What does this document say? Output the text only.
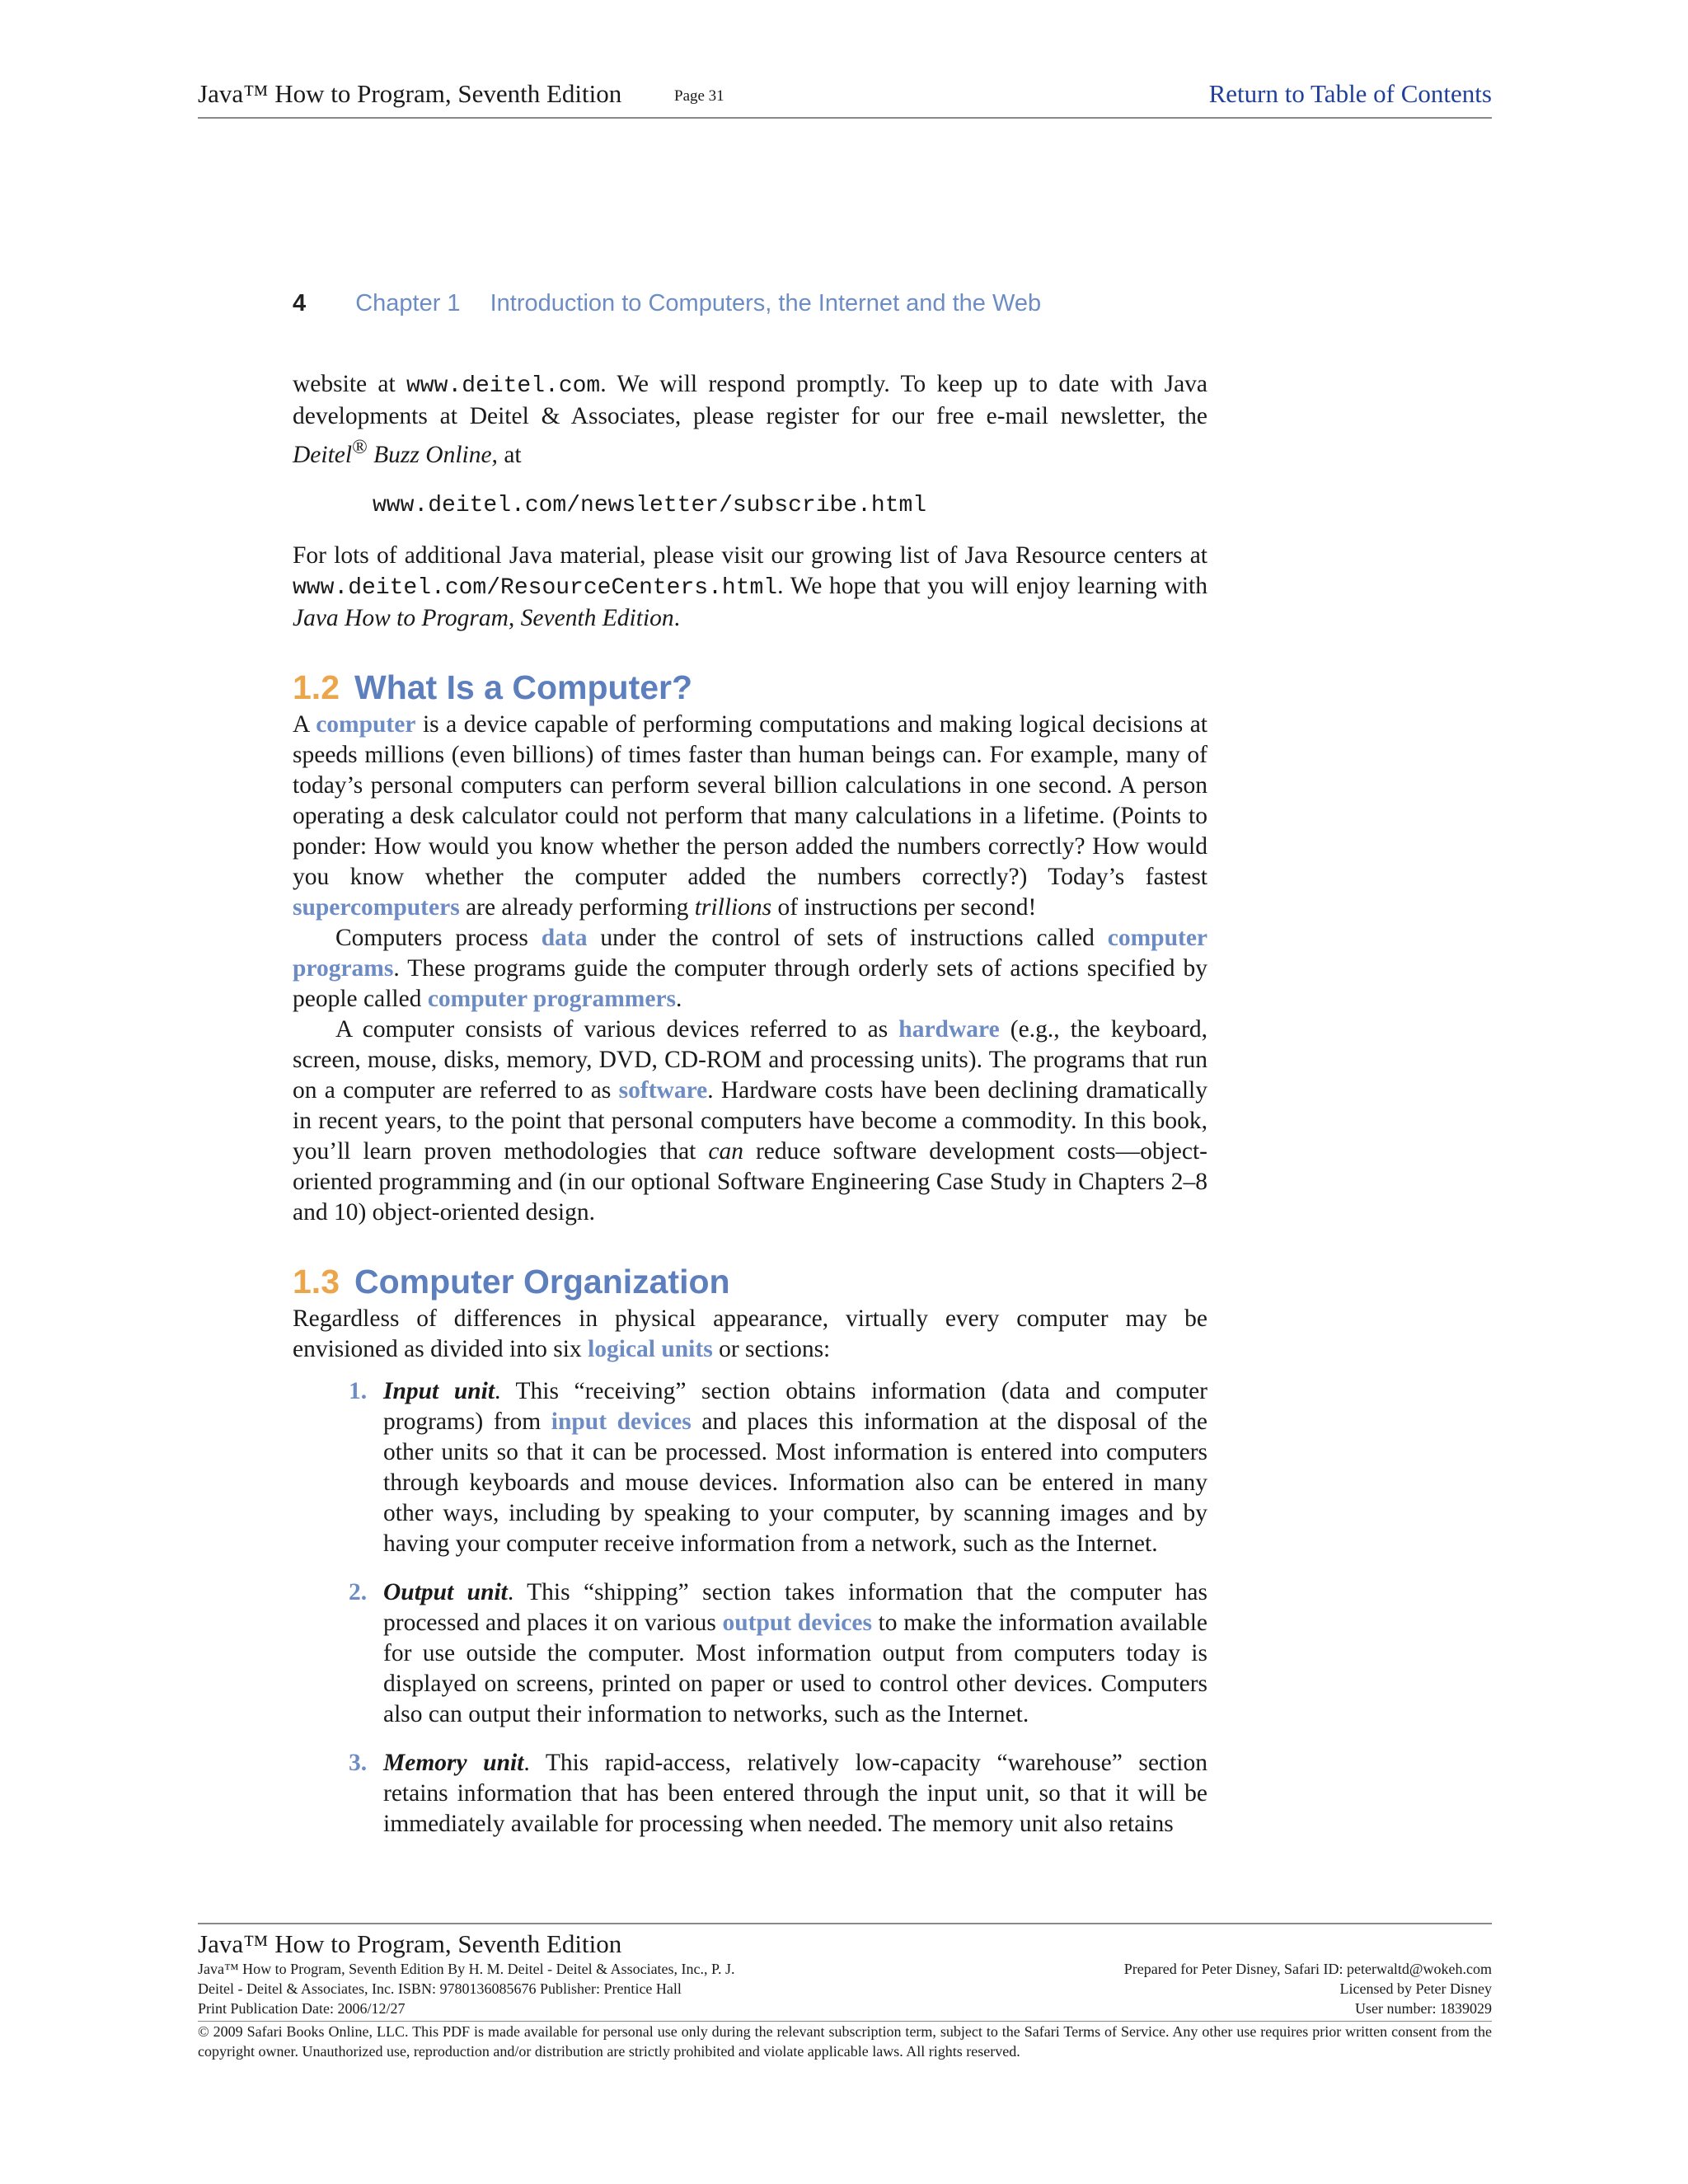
Java™ How to Program, Seventh Edition	Page 31	Return to Table of Contents
4 Chapter 1 Introduction to Computers, the Internet and the Web

website at www.deitel.com. We will respond promptly. To keep up to date with Java developments at Deitel & Associates, please register for our free e-mail newsletter, the Deitel® Buzz Online, at

www.deitel.com/newsletter/subscribe.html

For lots of additional Java material, please visit our growing list of Java Resource centers at www.deitel.com/ResourceCenters.html. We hope that you will enjoy learning with Java How to Program, Seventh Edition.

1.2 What Is a Computer?

A computer is a device capable of performing computations and making logical decisions at speeds millions (even billions) of times faster than human beings can. For example, many of today’s personal computers can perform several billion calculations in one second. A person operating a desk calculator could not perform that many calculations in a lifetime. (Points to ponder: How would you know whether the person added the numbers correctly? How would you know whether the computer added the numbers correctly?) Today’s fastest supercomputers are already performing trillions of instructions per second!

Computers process data under the control of sets of instructions called computer programs. These programs guide the computer through orderly sets of actions specified by people called computer programmers.

A computer consists of various devices referred to as hardware (e.g., the keyboard, screen, mouse, disks, memory, DVD, CD-ROM and processing units). The programs that run on a computer are referred to as software. Hardware costs have been declining dramatically in recent years, to the point that personal computers have become a commodity. In this book, you’ll learn proven methodologies that can reduce software development costs—object-oriented programming and (in our optional Software Engineering Case Study in Chapters 2–8 and 10) object-oriented design.

1.3 Computer Organization

Regardless of differences in physical appearance, virtually every computer may be envisioned as divided into six logical units or sections:

1. Input unit. This “receiving” section obtains information (data and computer programs) from input devices and places this information at the disposal of the other units so that it can be processed. Most information is entered into computers through keyboards and mouse devices. Information also can be entered in many other ways, including by speaking to your computer, by scanning images and by having your computer receive information from a network, such as the Internet.
2. Output unit. This “shipping” section takes information that the computer has processed and places it on various output devices to make the information available for use outside the computer. Most information output from computers today is displayed on screens, printed on paper or used to control other devices. Computers also can output their information to networks, such as the Internet.
3. Memory unit. This rapid-access, relatively low-capacity “warehouse” section retains information that has been entered through the input unit, so that it will be immediately available for processing when needed. The memory unit also retains
Java™ How to Program, Seventh Edition
Java™ How to Program, Seventh Edition By H. M. Deitel - Deitel & Associates, Inc., P. J.	Prepared for Peter Disney, Safari ID: peterwaltd@wokeh.com
Deitel - Deitel & Associates, Inc. ISBN: 9780136085676 Publisher: Prentice Hall	Licensed by Peter Disney
Print Publication Date: 2006/12/27	User number: 1839029
© 2009 Safari Books Online, LLC. This PDF is made available for personal use only during the relevant subscription term, subject to the Safari Terms of Service. Any other use requires prior written consent from the copyright owner. Unauthorized use, reproduction and/or distribution are strictly prohibited and violate applicable laws. All rights reserved.
